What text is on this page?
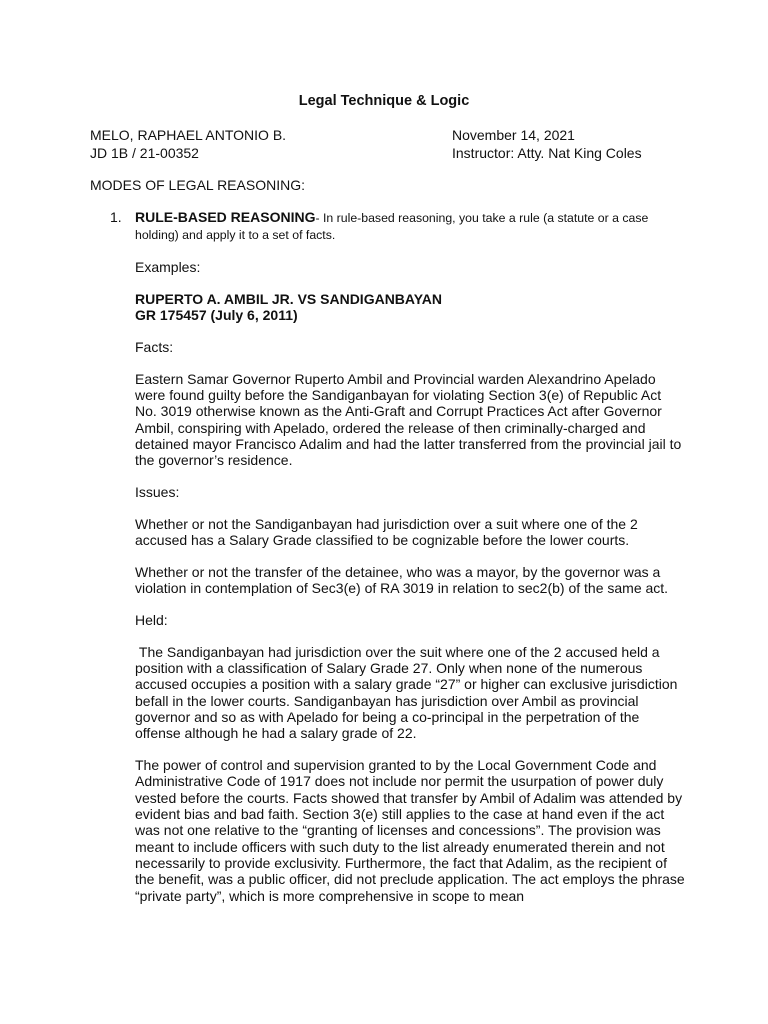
Legal Technique & Logic
MELO, RAPHAEL ANTONIO B.
JD 1B / 21-00352
November 14, 2021
Instructor: Atty. Nat King Coles
MODES OF LEGAL REASONING:
1. RULE-BASED REASONING- In rule-based reasoning, you take a rule (a statute or a case holding) and apply it to a set of facts.

Examples:

RUPERTO A. AMBIL JR. VS SANDIGANBAYAN
GR 175457 (July 6, 2011)

Facts:

Eastern Samar Governor Ruperto Ambil and Provincial warden Alexandrino Apelado were found guilty before the Sandiganbayan for violating Section 3(e) of Republic Act No. 3019 otherwise known as the Anti-Graft and Corrupt Practices Act after Governor Ambil, conspiring with Apelado, ordered the release of then criminally-charged and detained mayor Francisco Adalim and had the latter transferred from the provincial jail to the governor’s residence.

Issues:

Whether or not the Sandiganbayan had jurisdiction over a suit where one of the 2 accused has a Salary Grade classified to be cognizable before the lower courts.

Whether or not the transfer of the detainee, who was a mayor, by the governor was a violation in contemplation of Sec3(e) of RA 3019 in relation to sec2(b) of the same act.

Held:

The Sandiganbayan had jurisdiction over the suit where one of the 2 accused held a position with a classification of Salary Grade 27. Only when none of the numerous accused occupies a position with a salary grade “27” or higher can exclusive jurisdiction befall in the lower courts. Sandiganbayan has jurisdiction over Ambil as provincial governor and so as with Apelado for being a co-principal in the perpetration of the offense although he had a salary grade of 22.

The power of control and supervision granted to by the Local Government Code and Administrative Code of 1917 does not include nor permit the usurpation of power duly vested before the courts. Facts showed that transfer by Ambil of Adalim was attended by evident bias and bad faith. Section 3(e) still applies to the case at hand even if the act was not one relative to the “granting of licenses and concessions”. The provision was meant to include officers with such duty to the list already enumerated therein and not necessarily to provide exclusivity. Furthermore, the fact that Adalim, as the recipient of the benefit, was a public officer, did not preclude application. The act employs the phrase “private party”, which is more comprehensive in scope to mean
